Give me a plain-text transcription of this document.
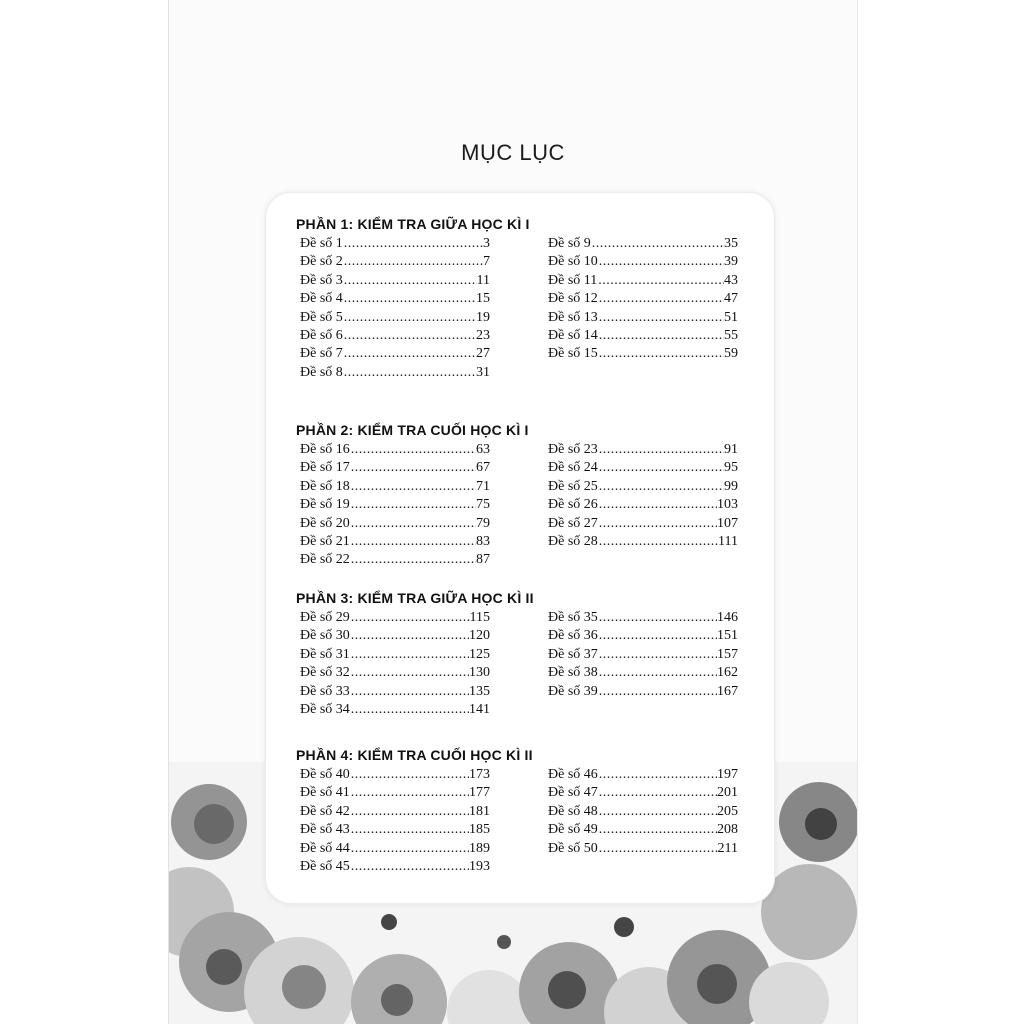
MỤC LỤC
PHẦN 1: KIỂM TRA GIỮA HỌC KÌ I
Đề số 1 .....	3
Đề số 2 .....	7
Đề số 3 .....	11
Đề số 4 .....	15
Đề số 5 .....	19
Đề số 6 .....	23
Đề số 7 .....	27
Đề số 8 .....	31
Đề số 9 .....	35
Đề số 10 .....	39
Đề số 11 .....	43
Đề số 12 .....	47
Đề số 13 .....	51
Đề số 14 .....	55
Đề số 15 .....	59
PHẦN 2: KIỂM TRA CUỐI HỌC KÌ I
Đề số 16 .....	63
Đề số 17 .....	67
Đề số 18 .....	71
Đề số 19 .....	75
Đề số 20 .....	79
Đề số 21 .....	83
Đề số 22 .....	87
Đề số 23 .....	91
Đề số 24 .....	95
Đề số 25 .....	99
Đề số 26 .....	103
Đề số 27 .....	107
Đề số 28 .....	111
PHẦN 3: KIỂM TRA GIỮA HỌC KÌ II
Đề số 29 .....	115
Đề số 30 .....	120
Đề số 31 .....	125
Đề số 32 .....	130
Đề số 33 .....	135
Đề số 34 .....	141
Đề số 35 .....	146
Đề số 36 .....	151
Đề số 37 .....	157
Đề số 38 .....	162
Đề số 39 .....	167
PHẦN 4: KIỂM TRA CUỐI HỌC KÌ II
Đề số 40 .....	173
Đề số 41 .....	177
Đề số 42 .....	181
Đề số 43 .....	185
Đề số 44 .....	189
Đề số 45 .....	193
Đề số 46 .....	197
Đề số 47 .....	201
Đề số 48 .....	205
Đề số 49 .....	208
Đề số 50 .....	211
